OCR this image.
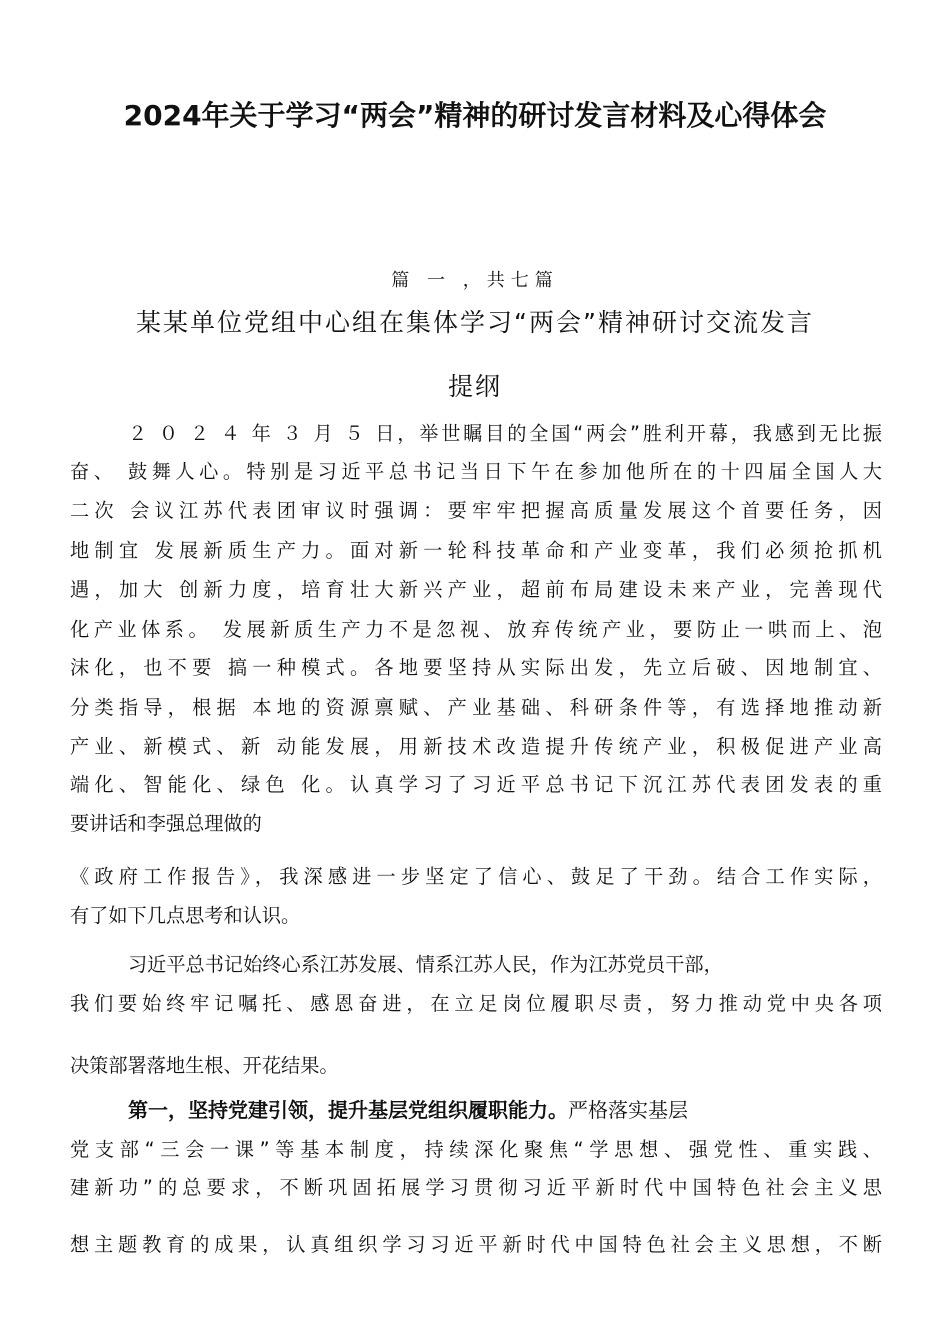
2024年关于学习“两会”精神的研讨发言材料及心得体会
篇 一 ，共七篇
某某单位党组中心组在集体学习“两会”精神研讨交流发言
提纲
２ ０ ２ ４ 年 ３ 月 ５ 日，举世瞩目的全国“两会”胜利开幕，我感到无比振
奋、 鼓舞人心。特别是习近平总书记当日下午在参加他所在的十四届全国人大
二次 会议江苏代表团审议时强调：要牢牢把握高质量发展这个首要任务，因
地制宜 发展新质生产力。面对新一轮科技革命和产业变革，我们必须抢抓机
遇，加大 创新力度，培育壮大新兴产业，超前布局建设未来产业，完善现代
化产业体系。 发展新质生产力不是忽视、放弃传统产业，要防止一哄而上、泡
沫化，也不要 搞一种模式。各地要坚持从实际出发，先立后破、因地制宜、
分类指导，根据 本地的资源禀赋、产业基础、科研条件等，有选择地推动新
产业、新模式、新 动能发展，用新技术改造提升传统产业，积极促进产业高
端化、智能化、绿色 化。认真学习了习近平总书记下沉江苏代表团发表的重
要讲话和李强总理做的
《政府工作报告》，我深感进一步坚定了信心、鼓足了干劲。结合工作实际，
有了如下几点思考和认识。
习近平总书记始终心系江苏发展、情系江苏人民，作为江苏党员干部，
我们要始终牢记嘱托、感恩奋进，在立足岗位履职尽责，努力推动党中央各项
决策部署落地生根、开花结果。
第一，坚持党建引领，提升基层党组织履职能力。严格落实基层
党支部“三会一课”等基本制度，持续深化聚焦“学思想、强党性、重实践、
建新功”的总要求，不断巩固拓展学习贯彻习近平新时代中国特色社会主义思
想主题教育的成果，认真组织学习习近平新时代中国特色社会主义思想，不断
